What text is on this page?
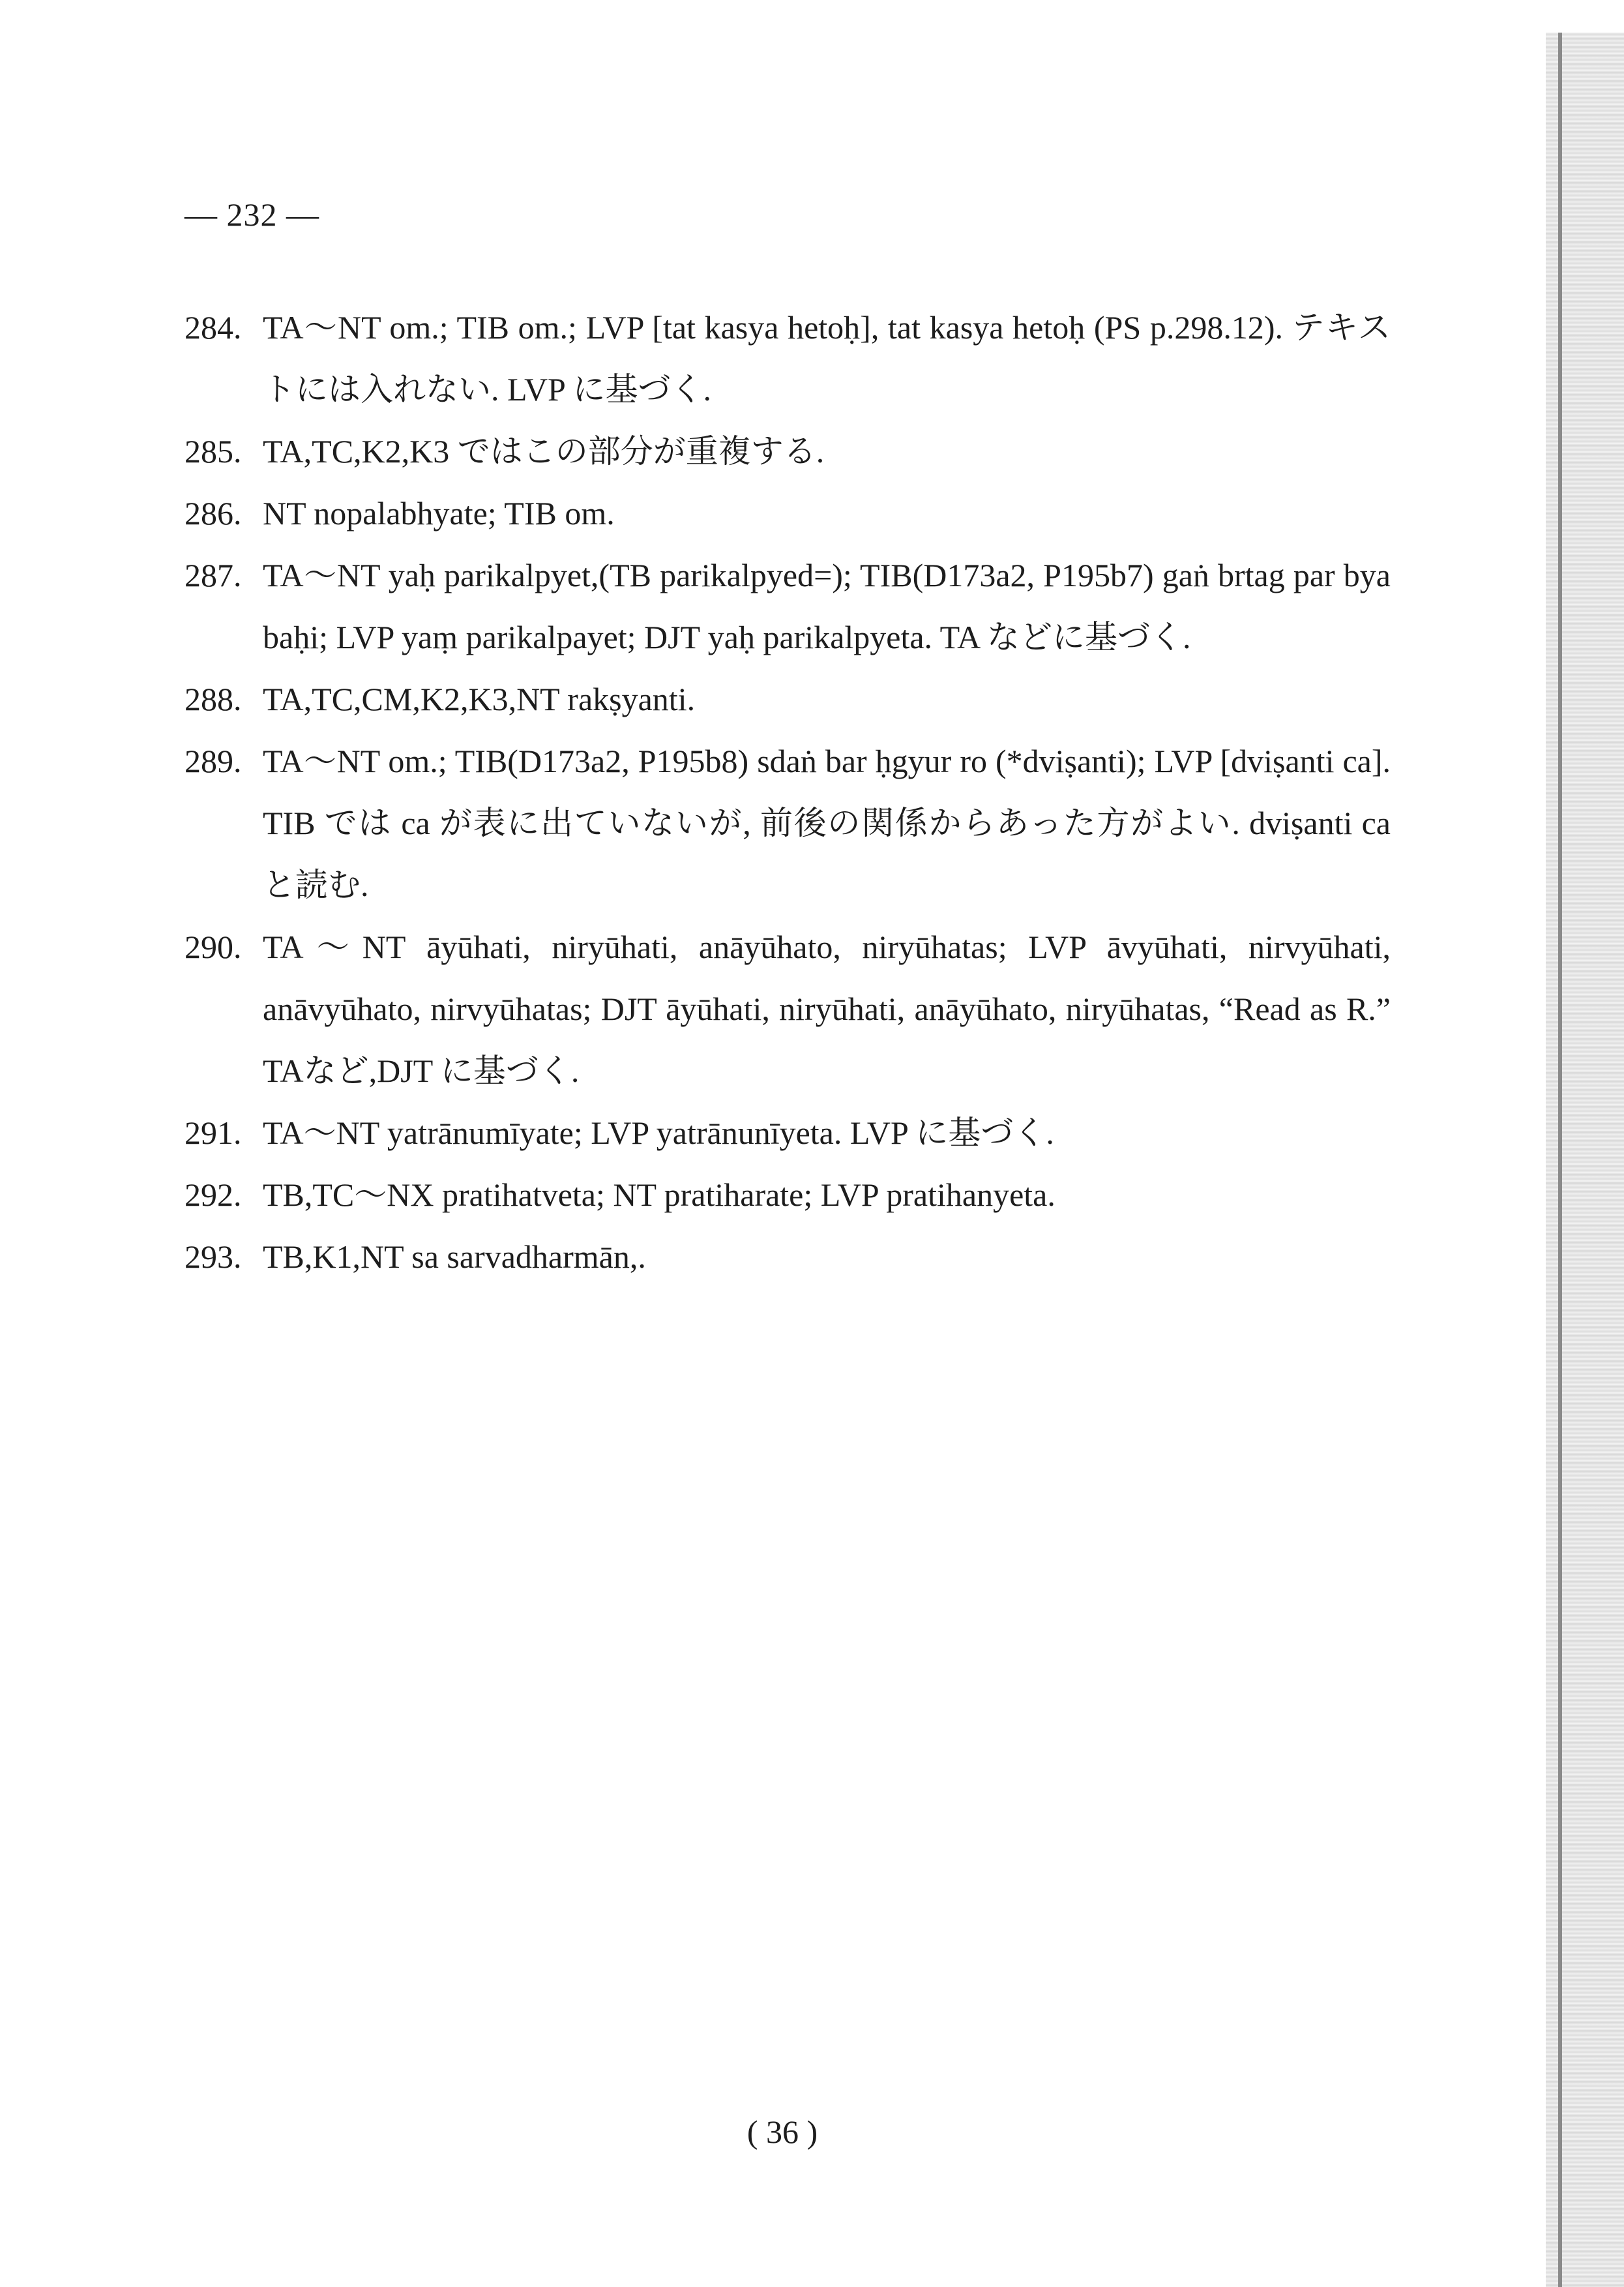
— 232 —
284. TA〜NT om.; TIB om.; LVP [tat kasya hetoḥ], tat kasya hetoḥ (PS p.298.12). テキストには入れない. LVP に基づく.
285. TA,TC,K2,K3 ではこの部分が重複する.
286. NT nopalabhyate; TIB om.
287. TA〜NT yaḥ parikalpyet,(TB parikalpyed=); TIB(D173a2, P195b7) gaṅ brtag par bya baḥi; LVP yaṃ parikalpayet; DJT yaḥ parikalpyeta. TA などに基づく.
288. TA,TC,CM,K2,K3,NT rakṣyanti.
289. TA〜NT om.; TIB(D173a2, P195b8) sdaṅ bar ḥgyur ro (*dviṣanti); LVP [dviṣanti ca]. TIB では ca が表に出ていないが, 前後の関係からあった方がよい. dviṣanti ca と読む.
290. TA〜NT āyūhati, niryūhati, anāyūhato, niryūhatas; LVP āvyūhati, nirvyūhati, anāvyūhato, nirvyūhatas; DJT āyūhati, niryūhati, anāyūhato, niryūhatas, “Read as R.” TAなど,DJT に基づく.
291. TA〜NT yatrānumīyate; LVP yatrānunīyeta. LVP に基づく.
292. TB,TC〜NX pratihatveta; NT pratiharate; LVP pratihanyeta.
293. TB,K1,NT sa sarvadharmān,.
( 36 )
